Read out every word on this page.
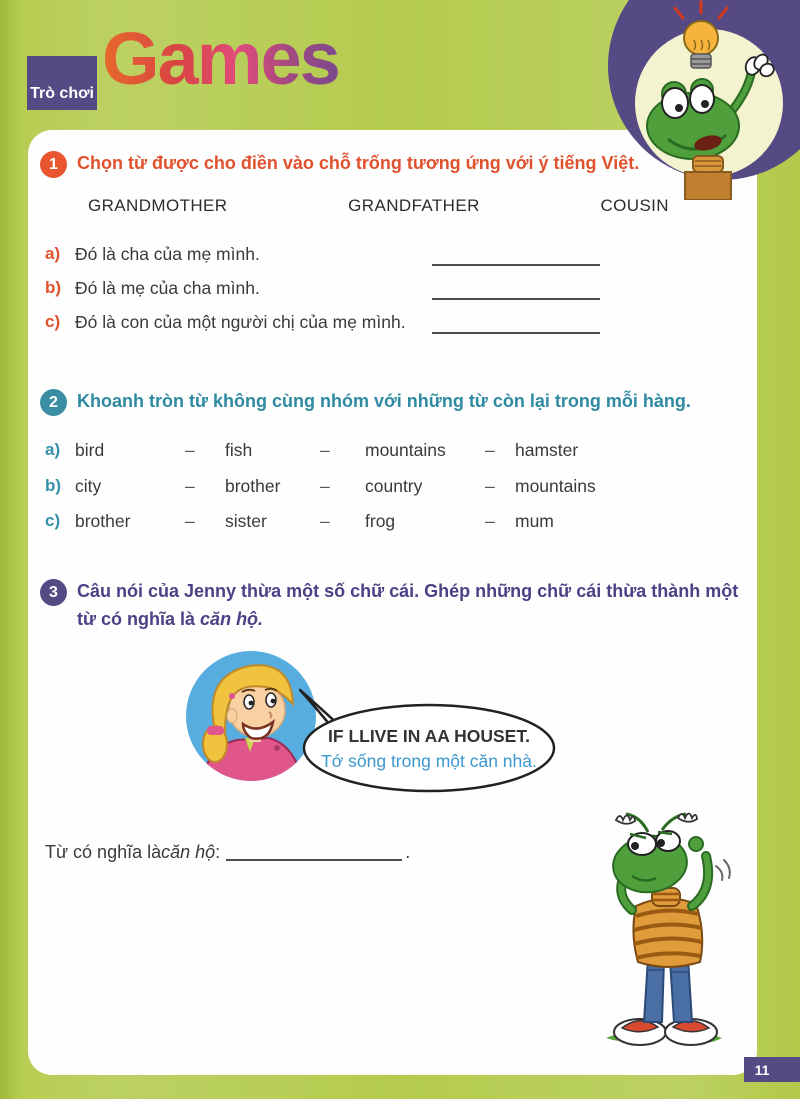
Trò chơi Games
1	Chọn từ được cho điền vào chỗ trống tương ứng với ý tiếng Việt.
GRANDMOTHER	GRANDFATHER	COUSIN
a) Đó là cha của mẹ mình.
b) Đó là mẹ của cha mình.
c) Đó là con của một người chị của mẹ mình.
2	Khoanh tròn từ không cùng nhóm với những từ còn lại trong mỗi hàng.
a) bird	– fish	– mountains – hamster
b) city	– brother – country	– mountains
c) brother	– sister	– frog	– mum
3	Câu nói của Jenny thừa một số chữ cái. Ghép những chữ cái thừa thành một từ có nghĩa là căn hộ.
IF LLIVE IN AA HOUSET.
Tớ sống trong một căn nhà.
Từ có nghĩa là căn hộ :	.
11
